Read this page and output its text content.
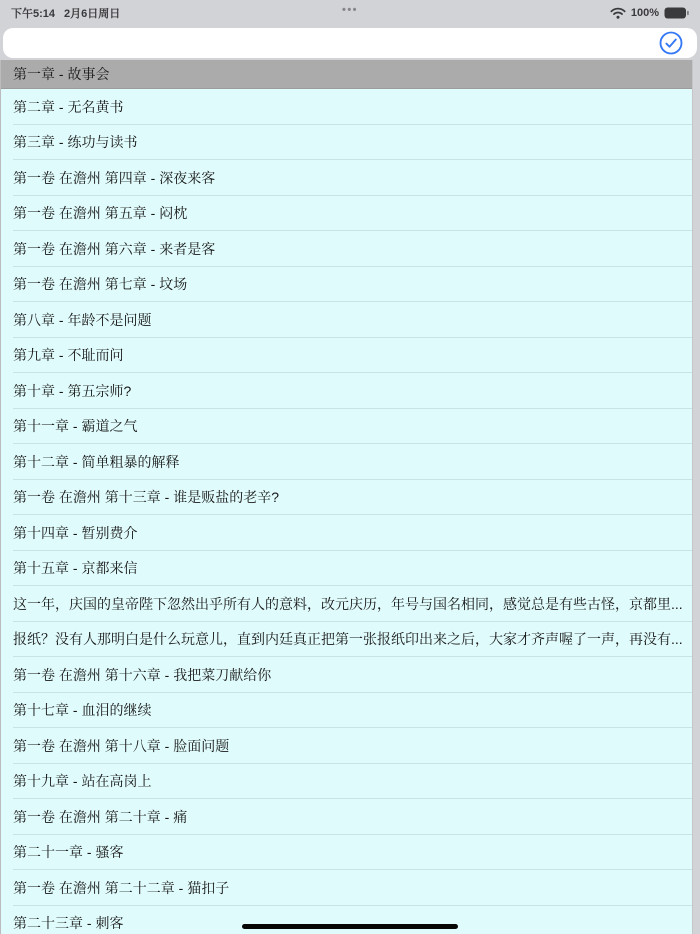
下午5:14 2月6日周日	•••	100%
第一章 - 故事会
第二章 - 无名黄书
第三章 - 练功与读书
第一卷 在澹州 第四章 - 深夜来客
第一卷 在澹州 第五章 - 闷枕
第一卷 在澹州 第六章 - 来者是客
第一卷 在澹州 第七章 - 坟场
第八章 - 年龄不是问题
第九章 - 不耻而问
第十章 - 第五宗师?
第十一章 - 霸道之气
第十二章 - 简单粗暴的解释
第一卷 在澹州 第十三章 - 谁是贩盐的老辛?
第十四章 - 暂别费介
第十五章 - 京都来信
这一年，庆国的皇帝陛下忽然出乎所有人的意料，改元庆历，年号与国名相同，感觉总是有些古怪，京都里...
报纸？没有人那明白是什么玩意儿，直到内廷真正把第一张报纸印出来之后，大家才齐声喔了一声，再没有...
第一卷 在澹州 第十六章 - 我把菜刀献给你
第十七章 - 血泪的继续
第一卷 在澹州 第十八章 - 脸面问题
第十九章 - 站在高岗上
第一卷 在澹州 第二十章 - 痛
第二十一章 - 骚客
第一卷 在澹州 第二十二章 - 猫扣子
第二十三章 - 刺客
